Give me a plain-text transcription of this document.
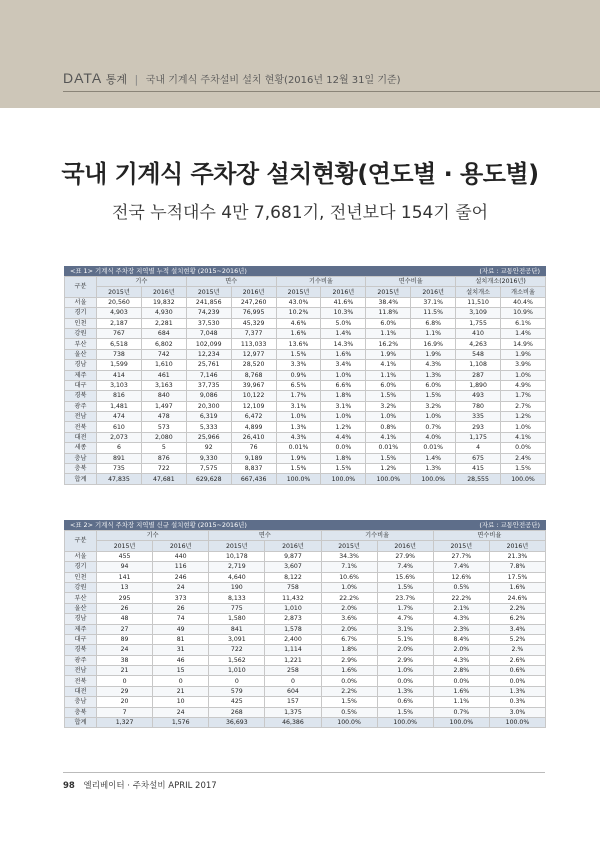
DATA 통계 | 국내 기계식 주차설비 설치 현황(2016년 12월 31일 기준)
국내 기계식 주차장 설치현황(연도별 · 용도별)
전국 누적대수 4만 7,681기, 전년보다 154기 줄어
<표 1> 기계식 주차장 지역별 누적 설치현황 (2015~2016년)	(자료 : 교통안전공단)
구분	기수		면수		기수비율		면수비율		설치개소(2016년)	
	2015년	2016년	2015년	2016년	2015년	2016년	2015년	2016년	설치개소	개소비율
서울	20,560	19,832	241,856	247,260	43.0%	41.6%	38.4%	37.1%	11,510	40.4%
경기	4,903	4,930	74,239	76,995	10.2%	10.3%	11.8%	11.5%	3,109	10.9%
인천	2,187	2,281	37,530	45,329	4.6%	5.0%	6.0%	6.8%	1,755	6.1%
강원	767	684	7,048	7,377	1.6%	1.4%	1.1%	1.1%	410	1.4%
부산	6,518	6,802	102,099	113,033	13.6%	14.3%	16.2%	16.9%	4,263	14.9%
울산	738	742	12,234	12,977	1.5%	1.6%	1.9%	1.9%	548	1.9%
경남	1,599	1,610	25,761	28,520	3.3%	3.4%	4.1%	4.3%	1,108	3.9%
제주	414	461	7,146	8,768	0.9%	1.0%	1.1%	1.3%	287	1.0%
대구	3,103	3,163	37,735	39,967	6.5%	6.6%	6.0%	6.0%	1,890	4.9%
경북	816	840	9,086	10,122	1.7%	1.8%	1.5%	1.5%	493	1.7%
광주	1,481	1,497	20,300	12,109	3.1%	3.1%	3.2%	3.2%	780	2.7%
전남	474	478	6,319	6,472	1.0%	1.0%	1.0%	1.0%	335	1.2%
전북	610	573	5,333	4,899	1.3%	1.2%	0.8%	0.7%	293	1.0%
대전	2,073	2,080	25,966	26,410	4.3%	4.4%	4.1%	4.0%	1,175	4.1%
세종	6	5	92	76	0.01%	0.0%	0.01%	0.01%	4	0.0%
충남	891	876	9,330	9,189	1.9%	1.8%	1.5%	1.4%	675	2.4%
충북	735	722	7,575	8,837	1.5%	1.5%	1.2%	1.3%	415	1.5%
합계	47,835	47,681	629,628	667,436	100.0%	100.0%	100.0%	100.0%	28,555	100.0%
<표 2> 기계식 주차장 지역별 신규 설치현황 (2015~2016년)	(자료 : 교통안전공단)
구분	기수		면수		기수비율		면수비율	
	2015년	2016년	2015년	2016년	2015년	2016년	2015년	2016년
서울	455	440	10,178	9,877	34.3%	27.9%	27.7%	21.3%
경기	94	116	2,719	3,607	7.1%	7.4%	7.4%	7.8%
인천	141	246	4,640	8,122	10.6%	15.6%	12.6%	17.5%
강원	13	24	190	758	1.0%	1.5%	0.5%	1.6%
부산	295	373	8,133	11,432	22.2%	23.7%	22.2%	24.6%
울산	26	26	775	1,010	2.0%	1.7%	2.1%	2.2%
경남	48	74	1,580	2,873	3.6%	4.7%	4.3%	6.2%
제주	27	49	841	1,578	2.0%	3.1%	2.3%	3.4%
대구	89	81	3,091	2,400	6.7%	5.1%	8.4%	5.2%
경북	24	31	722	1,114	1.8%	2.0%	2.0%	2.%
광주	38	46	1,562	1,221	2.9%	2.9%	4.3%	2.6%
전남	21	15	1,010	258	1.6%	1.0%	2.8%	0.6%
전북	0	0	0	0	0.0%	0.0%	0.0%	0.0%
대전	29	21	579	604	2.2%	1.3%	1.6%	1.3%
충남	20	10	425	157	1.5%	0.6%	1.1%	0.3%
충북	7	24	268	1,375	0.5%	1.5%	0.7%	3.0%
합계	1,327	1,576	36,693	46,386	100.0%	100.0%	100.0%	100.0%
98 엘리베이터 · 주차설비 APRIL 2017
